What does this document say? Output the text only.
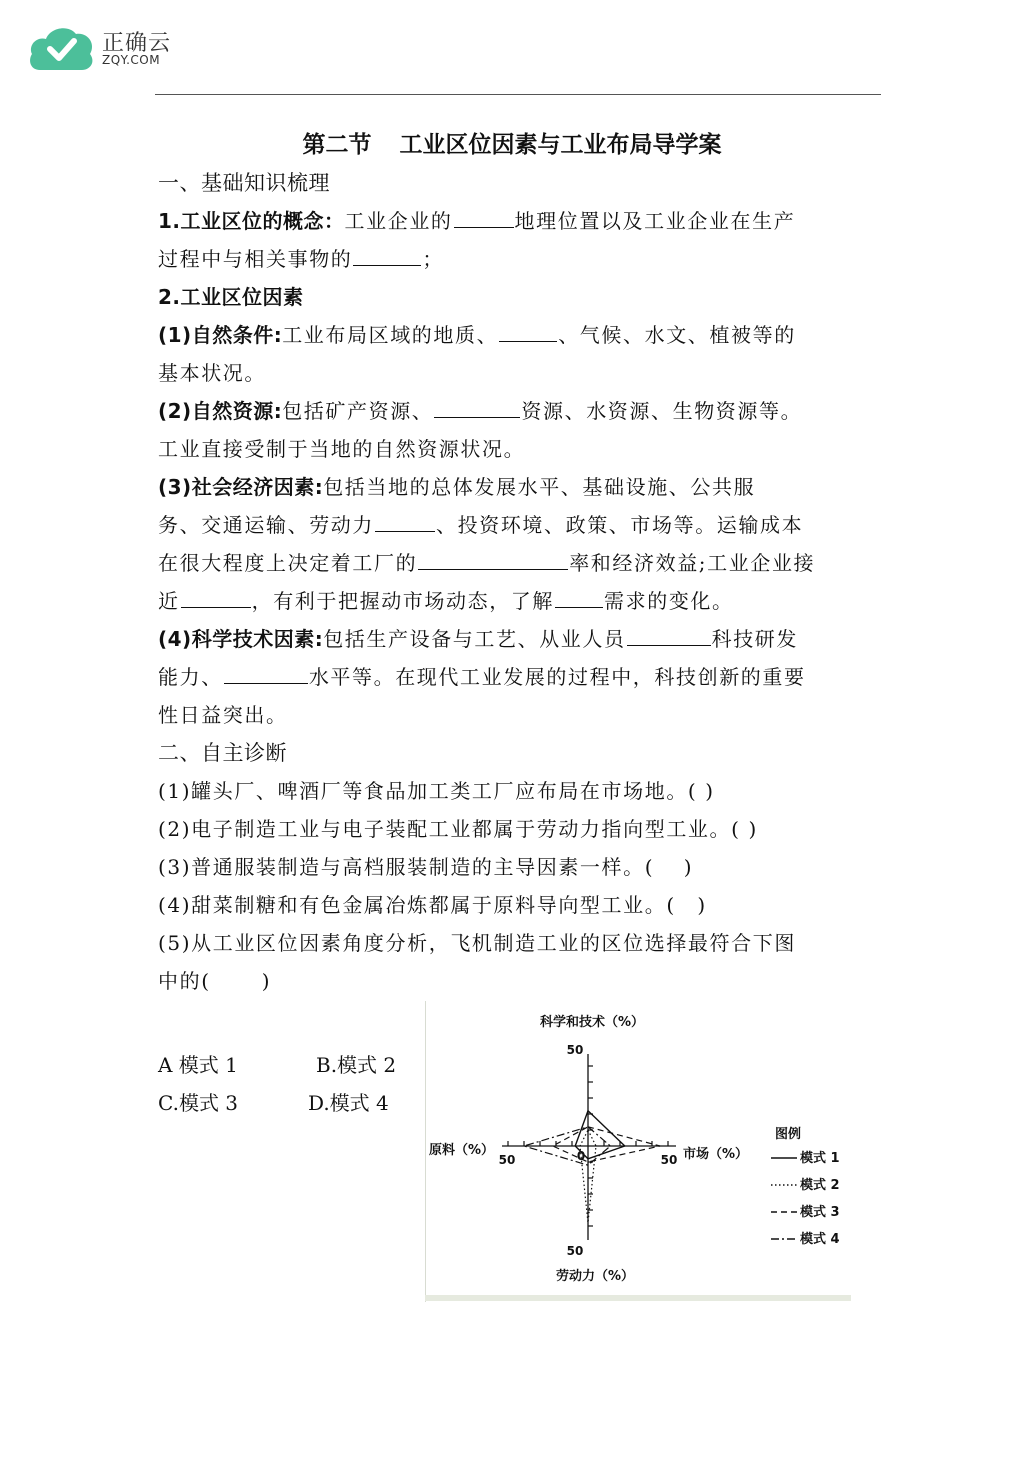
正确云
ZQY.COM
第二节 工业区位因素与工业布局导学案
一、基础知识梳理
1.工业区位的概念：工业企业的	地理位置以及工业企业在生产
过程中与相关事物的	；
2.工业区位因素
(1)自然条件:工业布局区域的地质、	、气候、水文、植被等的
基本状况。
(2)自然资源:包括矿产资源、	资源、水资源、生物资源等。
工业直接受制于当地的自然资源状况。
(3)社会经济因素:包括当地的总体发展水平、基础设施、公共服
务、交通运输、劳动力	、投资环境、政策、市场等。运输成本
在很大程度上决定着工厂的	率和经济效益;工业企业接
近	，有利于把握动市场动态，了解	需求的变化。
(4)科学技术因素:包括生产设备与工艺、从业人员	科技研发
能力、	水平等。在现代工业发展的过程中，科技创新的重要
性日益突出。
二、自主诊断
(1)罐头厂、啤酒厂等食品加工类工厂应布局在市场地。( )
(2)电子制造工业与电子装配工业都属于劳动力指向型工业。( )
(3)普通服装制造与高档服装制造的主导因素一样。(　 )
(4)甜菜制糖和有色金属冶炼都属于原料导向型工业。(　)
(5)从工业区位因素角度分析，飞机制造工业的区位选择最符合下图
中的(　　 )
A 模式 1	B.模式 2
C.模式 3	D.模式 4
科学和技术（%）
市场（%）
劳动力（%）
原料（%）
50
50
50
50	0
图例
模式 1
模式 2
模式 3
模式 4
